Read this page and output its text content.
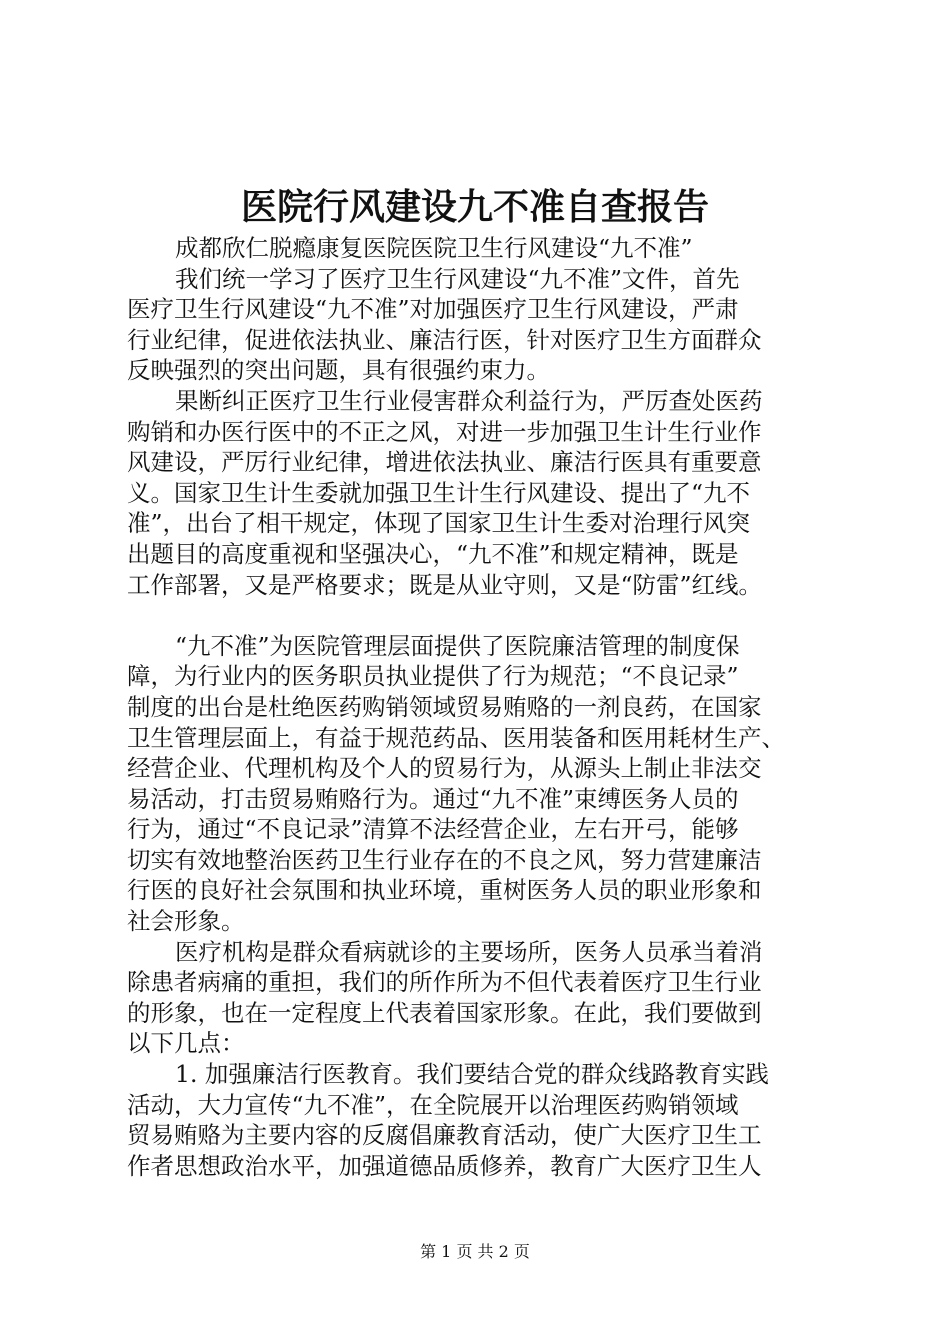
医院行风建设九不准自查报告
成都欣仁脱瘾康复医院医院卫生行风建设“九不准”
我们统一学习了医疗卫生行风建设“九不准”文件，首先
医疗卫生行风建设“九不准”对加强医疗卫生行风建设，严肃
行业纪律，促进依法执业、廉洁行医，针对医疗卫生方面群众
反映强烈的突出问题，具有很强约束力。
果断纠正医疗卫生行业侵害群众利益行为，严厉查处医药
购销和办医行医中的不正之风，对进一步加强卫生计生行业作
风建设，严厉行业纪律，增进依法执业、廉洁行医具有重要意
义。国家卫生计生委就加强卫生计生行风建设、提出了“九不
准”，出台了相干规定，体现了国家卫生计生委对治理行风突
出题目的高度重视和坚强决心，“九不准”和规定精神，既是
工作部署，又是严格要求；既是从业守则，又是“防雷”红线。
“九不准”为医院管理层面提供了医院廉洁管理的制度保
障，为行业内的医务职员执业提供了行为规范；“不良记录”
制度的出台是杜绝医药购销领域贸易贿赂的一剂良药，在国家
卫生管理层面上，有益于规范药品、医用装备和医用耗材生产、
经营企业、代理机构及个人的贸易行为，从源头上制止非法交
易活动，打击贸易贿赂行为。通过“九不准”束缚医务人员的
行为，通过“不良记录”清算不法经营企业，左右开弓，能够
切实有效地整治医药卫生行业存在的不良之风，努力营建廉洁
行医的良好社会氛围和执业环境，重树医务人员的职业形象和
社会形象。
医疗机构是群众看病就诊的主要场所，医务人员承当着消
除患者病痛的重担，我们的所作所为不但代表着医疗卫生行业
的形象，也在一定程度上代表着国家形象。在此，我们要做到
以下几点：
1. 加强廉洁行医教育。我们要结合党的群众线路教育实践
活动，大力宣传“九不准”，在全院展开以治理医药购销领域
贸易贿赂为主要内容的反腐倡廉教育活动，使广大医疗卫生工
作者思想政治水平，加强道德品质修养，教育广大医疗卫生人
第 1 页 共 2 页
